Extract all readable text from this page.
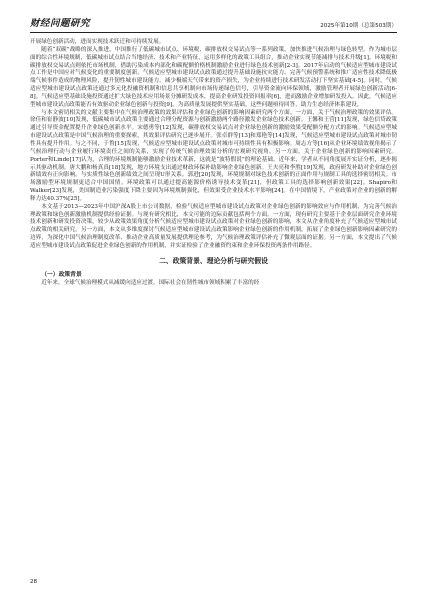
财经问题研究	2025年第10期（总第503期）

开展绿色创新活动，进而实现技术跃迁和可持续发展。

随着“双碳”战略的深入推进，中国推行了低碳城市试点、环境税、碳排放权交易试点等一系列政策，加快推进气候治理与绿色转型。作为城市层面的综合性环境规制，低碳城市试点结合当地经济、技术和产业特征，运用多样化的政策工具组合，推动企业实现节能减排与技术升级[1]。环境税和碳排放权交易试点则依托市场机制，借助污染成本内部化和碳配额价格机制激励企业进行绿色技术创新[2-3]。2017年启动的气候适应型城市建设试点工作是中国应对气候变化的重要制度创新。气候适应型城市建设试点政策通过提升基础设施抗灾能力、完善气候预警系统和推广适应性技术降低极端气候事件造成的物理风险，提升韧性城市建设能力，减少极端天气带来的资产损失，为企业持续进行技术研发活动打下坚实基础[4-5]。同时，气候适应型城市建设试点政策还通过多元化投融资机制和信息共享机制向市场传递绿色信号，引导资金流向环保领域，激励管理者开展绿色创新活动[6-8]。气候适应型基础设施投资通过扩大绿色技术应用场景分摊研发成本，提高企业研发投资回报率[6]，进而激励企业增加研发投入。因此，气候适应型城市建设试点政策能否有效驱动企业绿色创新与投资[9]，为高质量发展提供坚实基础。这些问题亟待回答，助力生态经济体系建设。

与本文密切相关的文献主要集中在气候治理政策的效果评估和企业绿色创新的影响因素研究两个方面。一方面，关于气候治理政策的效果评估。徐佳和崔静波[10]发现，低碳城市试点政策主要通过合理分配资源与创新激励两个路径激发企业绿色技术创新。王馨和王营[11]发现，绿色信贷政策通过引导资金配置提升企业绿色创新水平。宋德勇等[12]发现，碳排放权交易试点对企业绿色创新的激励效果受配额分配方式的影响。气候适应型城市建设试点政策是中国气候治理的重要探索，其效果评估研究已逐步展开。张卓群等[13]和郑艳等[14]发现，气候适应型城市建设试点政策对城市韧性具有提升作用。与之不同，于鲁[15]发现，气候适应型城市建设试点政策对城市可持续性具有积极影响。周志方等[16]从企业环境绩效视角揭示了气候治理行动与企业履行环境责任之间的关系，实现了传统气候治理效果分析的宏观研究视角。另一方面，关于企业绿色创新的影响因素研究。Porter和Linde[17]认为，合理的环境规制能够激励企业技术革新，这就是“波特假说”的理论基础。近年来，学者从不同角度展开实证分析，逐步揭示其驱动机制。唐大鹏和杨真真[18]发现，地方环境支出通过财政环保补助影响企业绿色创新。王夫亮和李胜[19]发现，政府研发补助对企业绿色创新绩效有正向影响。与实质性绿色创新绩效之间呈现U形关系。郭进[20]发现，环境规制对绿色技术创新的正面作用与规制工具的选择密切相关。市场激励型环境规制更适合中国国情。环境政策可以通过提高能源价格诱导技术变革[21]，但政策工具的选择影响创新效果[22]。Shapiro和Walker[23]发现，美国制造业污染强度下降主要因为环境规制强化，但效果受企业技术水平影响[24]。在中国情境下，产业政策对企业的创新的解释力达40.37%[25]。

本文基于2013—2023年中国沪深A股上市公司数据，检验气候适应型城市建设试点政策对企业绿色创新的影响效应与作用机制，为完善气候治理政策和绿色创新激励机制提供经验证据。与现有研究相比，本文可能的边际贡献包括两个方面。一方面，现有研究主要基于企业层面研究企业环境技术创新和研发投资决策，较少从政策效果角度分析气候适应型城市建设试点政策对企业绿色创新的影响，本文从企业角度补充了气候适应型城市试点政策的相关研究。另一方面，本文从多维度探讨气候适应型城市建设试点政策影响企业绿色创新的作用机制，拓展了企业绿色创新影响因素研究的边界，为深化中国气候治理制度改革、推动企业高质量发展提供理论参考，为气候治理政策评估补充了微观层面的证据。另一方面，本文提出了气候适应型城市建设试点政策促进企业绿色创新的作用机制，并实证检验了企业融资约束和企业环保投资两条作用路径。

二、政策背景、理论分析与研究假设
（一）政策背景

近年来，全球气候治理模式从减缓向适应过渡，国际社会在韧性城市领域积累了丰富的经

28
